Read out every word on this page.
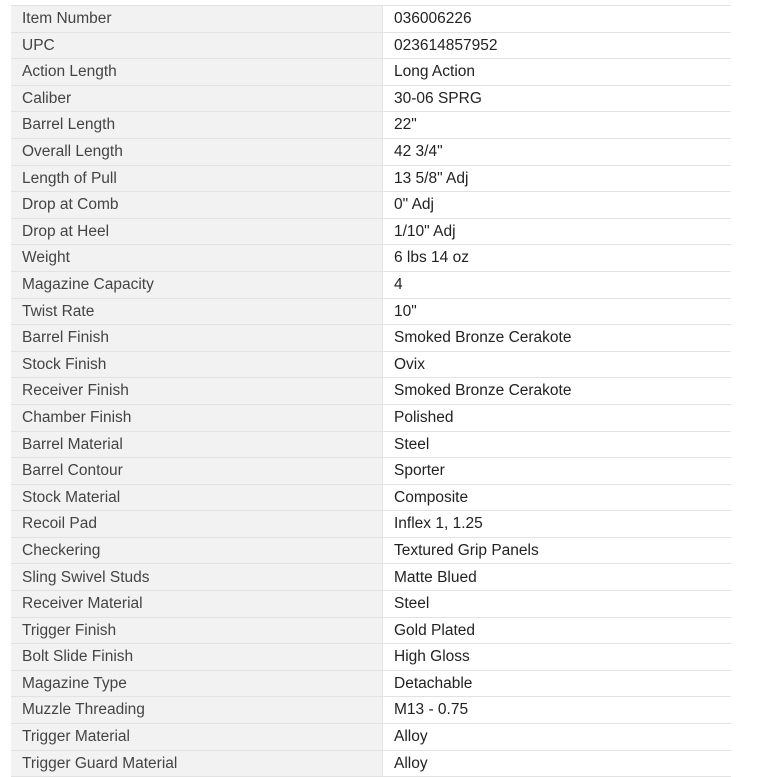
Item Number	036006226
UPC	023614857952
Action Length	Long Action
Caliber	30-06 SPRG
Barrel Length	22"
Overall Length	42 3/4"
Length of Pull	13 5/8" Adj
Drop at Comb	0" Adj
Drop at Heel	1/10" Adj
Weight	6 lbs 14 oz
Magazine Capacity	4
Twist Rate	10"
Barrel Finish	Smoked Bronze Cerakote
Stock Finish	Ovix
Receiver Finish	Smoked Bronze Cerakote
Chamber Finish	Polished
Barrel Material	Steel
Barrel Contour	Sporter
Stock Material	Composite
Recoil Pad	Inflex 1, 1.25
Checkering	Textured Grip Panels
Sling Swivel Studs	Matte Blued
Receiver Material	Steel
Trigger Finish	Gold Plated
Bolt Slide Finish	High Gloss
Magazine Type	Detachable
Muzzle Threading	M13 - 0.75
Trigger Material	Alloy
Trigger Guard Material	Alloy
